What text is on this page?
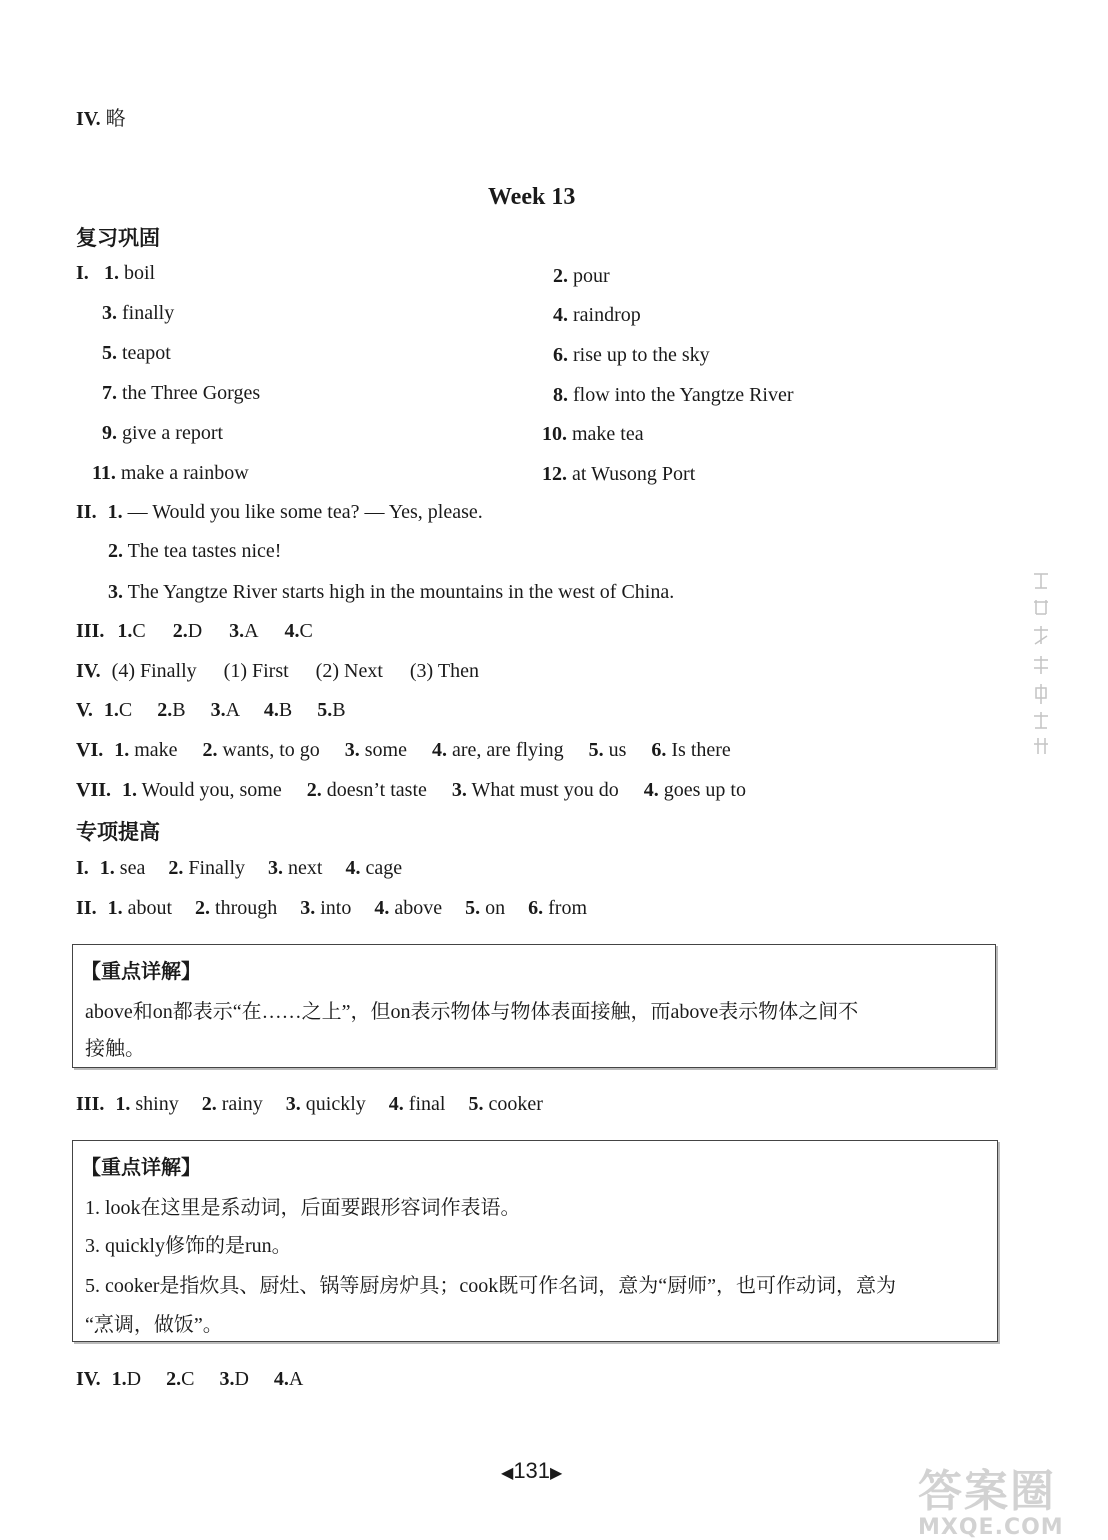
IV. 略
Week 13
复习巩固
I. 1. boil	2. pour
3. finally	4. raindrop
5. teapot	6. rise up to the sky
7. the Three Gorges	8. flow into the Yangtze River
9. give a report	10. make tea
11. make a rainbow	12. at Wusong Port
II. 1. — Would you like some tea? — Yes, please.
2. The tea tastes nice!
3. The Yangtze River starts high in the mountains in the west of China.
III. 1.C 2.D 3.A 4.C
IV. (4) Finally (1) First (2) Next (3) Then
V. 1.C 2.B 3.A 4.B 5.B
VI. 1. make 2. wants, to go 3. some 4. are, are flying 5. us 6. Is there
VII. 1. Would you, some 2. doesn’t taste 3. What must you do 4. goes up to
专项提高
I. 1. sea 2. Finally 3. next 4. cage
II. 1. about 2. through 3. into 4. above 5. on 6. from
【重点详解】
above和on都表示“在……之上”，但on表示物体与物体表面接触，而above表示物体之间不
接触。
III. 1. shiny 2. rainy 3. quickly 4. final 5. cooker
【重点详解】
1. look在这里是系动词，后面要跟形容词作表语。
3. quickly修饰的是run。
5. cooker是指炊具、厨灶、锅等厨房炉具；cook既可作名词，意为“厨师”，也可作动词，意为
“烹调，做饭”。
IV. 1.D 2.C 3.D 4.A
◀131▶	答案圈
MXQE.COM
